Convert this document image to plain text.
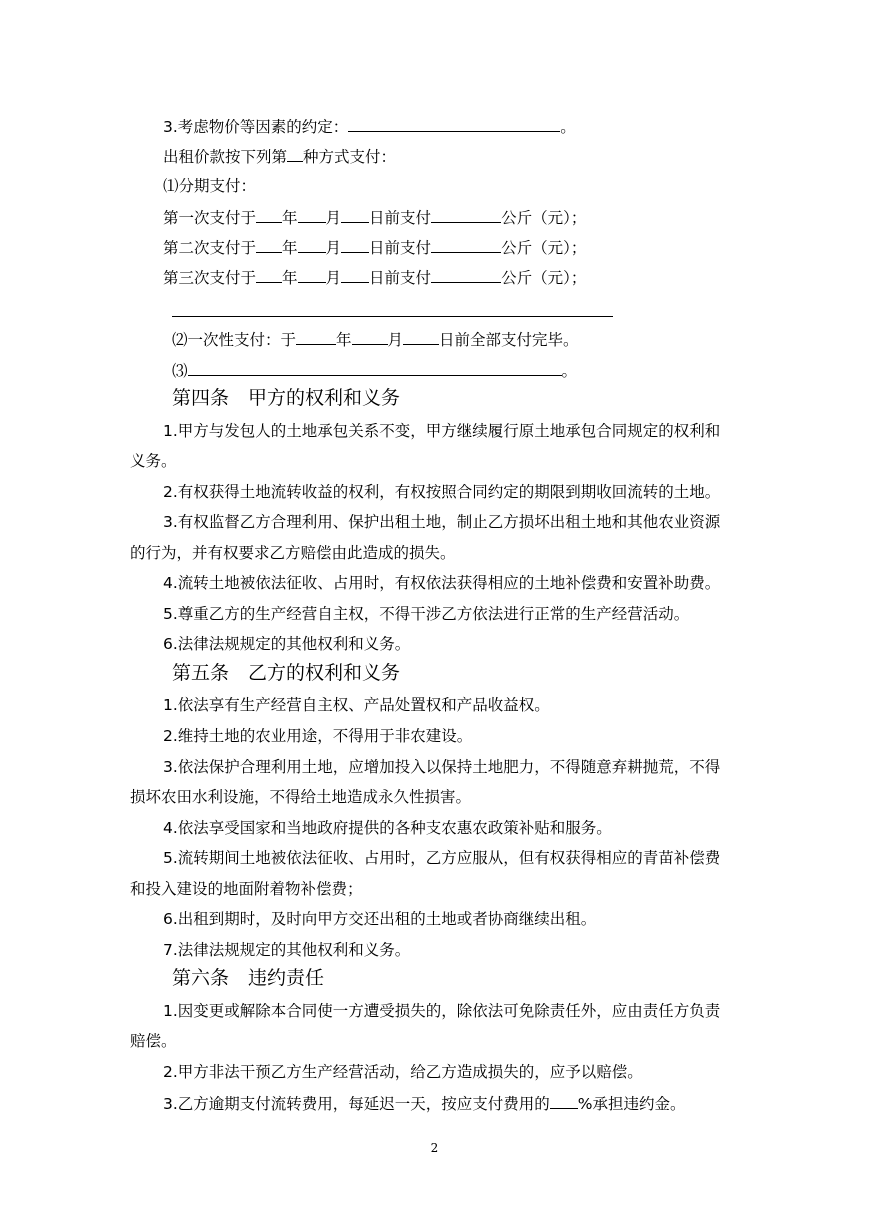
3.考虑物价等因素的约定：	。
出租价款按下列第 种方式支付：
⑴分期支付：
第一次支付于 年 月 日前支付	公斤（元）；
第二次支付于 年 月 日前支付	公斤（元）；
第三次支付于 年 月 日前支付	公斤（元）；
⑵一次性支付：于	年 月 日前全部支付完毕。
⑶	。
第四条　甲方的权利和义务
1.甲方与发包人的土地承包关系不变，甲方继续履行原土地承包合同规定的权利和
义务。
2.有权获得土地流转收益的权利，有权按照合同约定的期限到期收回流转的土地。
3.有权监督乙方合理利用、保护出租土地，制止乙方损坏出租土地和其他农业资源
的行为，并有权要求乙方赔偿由此造成的损失。
4.流转土地被依法征收、占用时，有权依法获得相应的土地补偿费和安置补助费。
5.尊重乙方的生产经营自主权，不得干涉乙方依法进行正常的生产经营活动。
6.法律法规规定的其他权利和义务。
第五条　乙方的权利和义务
1.依法享有生产经营自主权、产品处置权和产品收益权。
2.维持土地的农业用途，不得用于非农建设。
3.依法保护合理利用土地，应增加投入以保持土地肥力，不得随意弃耕抛荒，不得
损坏农田水利设施，不得给土地造成永久性损害。
4.依法享受国家和当地政府提供的各种支农惠农政策补贴和服务。
5.流转期间土地被依法征收、占用时，乙方应服从，但有权获得相应的青苗补偿费
和投入建设的地面附着物补偿费；
6.出租到期时，及时向甲方交还出租的土地或者协商继续出租。
7.法律法规规定的其他权利和义务。
第六条　违约责任
1.因变更或解除本合同使一方遭受损失的，除依法可免除责任外，应由责任方负责
赔偿。
2.甲方非法干预乙方生产经营活动，给乙方造成损失的，应予以赔偿。
3.乙方逾期支付流转费用，每延迟一天，按应支付费用的 %承担违约金。
2
